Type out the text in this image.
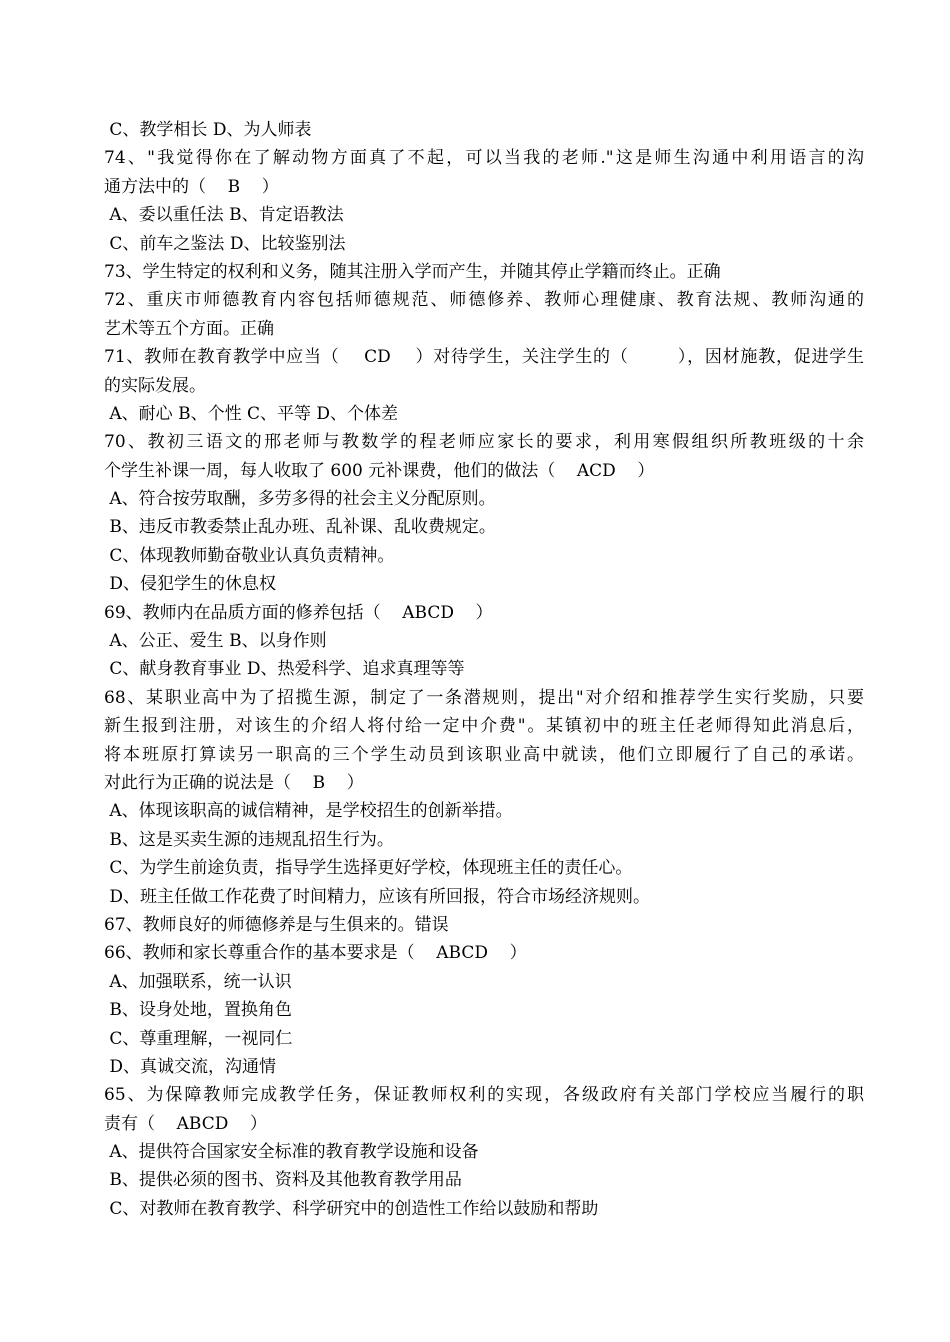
C、教学相长 D、为人师表
74、"我觉得你在了解动物方面真了不起，可以当我的老师."这是师生沟通中利用语言的沟
通方法中的（    B    ）
A、委以重任法 B、肯定语教法
C、前车之鉴法 D、比较鉴别法
73、学生特定的权利和义务，随其注册入学而产生，并随其停止学籍而终止。正确
72、重庆市师德教育内容包括师德规范、师德修养、教师心理健康、教育法规、教师沟通的
艺术等五个方面。正确
71、教师在教育教学中应当（    CD    ）对待学生，关注学生的（        ），因材施教，促进学生
的实际发展。
A、耐心 B、个性 C、平等 D、个体差
70、教初三语文的邢老师与教数学的程老师应家长的要求，利用寒假组织所教班级的十余
个学生补课一周，每人收取了 600 元补课费，他们的做法（    ACD    ）
A、符合按劳取酬，多劳多得的社会主义分配原则。
B、违反市教委禁止乱办班、乱补课、乱收费规定。
C、体现教师勤奋敬业认真负责精神。
D、侵犯学生的休息权
69、教师内在品质方面的修养包括（    ABCD    ）
A、公正、爱生 B、以身作则
C、献身教育事业 D、热爱科学、追求真理等等
68、某职业高中为了招揽生源，制定了一条潜规则，提出"对介绍和推荐学生实行奖励，只要
新生报到注册，对该生的介绍人将付给一定中介费"。某镇初中的班主任老师得知此消息后，
将本班原打算读另一职高的三个学生动员到该职业高中就读，他们立即履行了自己的承诺。
对此行为正确的说法是（    B    ）
A、体现该职高的诚信精神，是学校招生的创新举措。
B、这是买卖生源的违规乱招生行为。
C、为学生前途负责，指导学生选择更好学校，体现班主任的责任心。
D、班主任做工作花费了时间精力，应该有所回报，符合市场经济规则。
67、教师良好的师德修养是与生俱来的。错误
66、教师和家长尊重合作的基本要求是（    ABCD    ）
A、加强联系，统一认识
B、设身处地，置换角色
C、尊重理解，一视同仁
D、真诚交流，沟通情
65、为保障教师完成教学任务，保证教师权利的实现，各级政府有关部门学校应当履行的职
责有（    ABCD    ）
A、提供符合国家安全标准的教育教学设施和设备
B、提供必须的图书、资料及其他教育教学用品
C、对教师在教育教学、科学研究中的创造性工作给以鼓励和帮助
